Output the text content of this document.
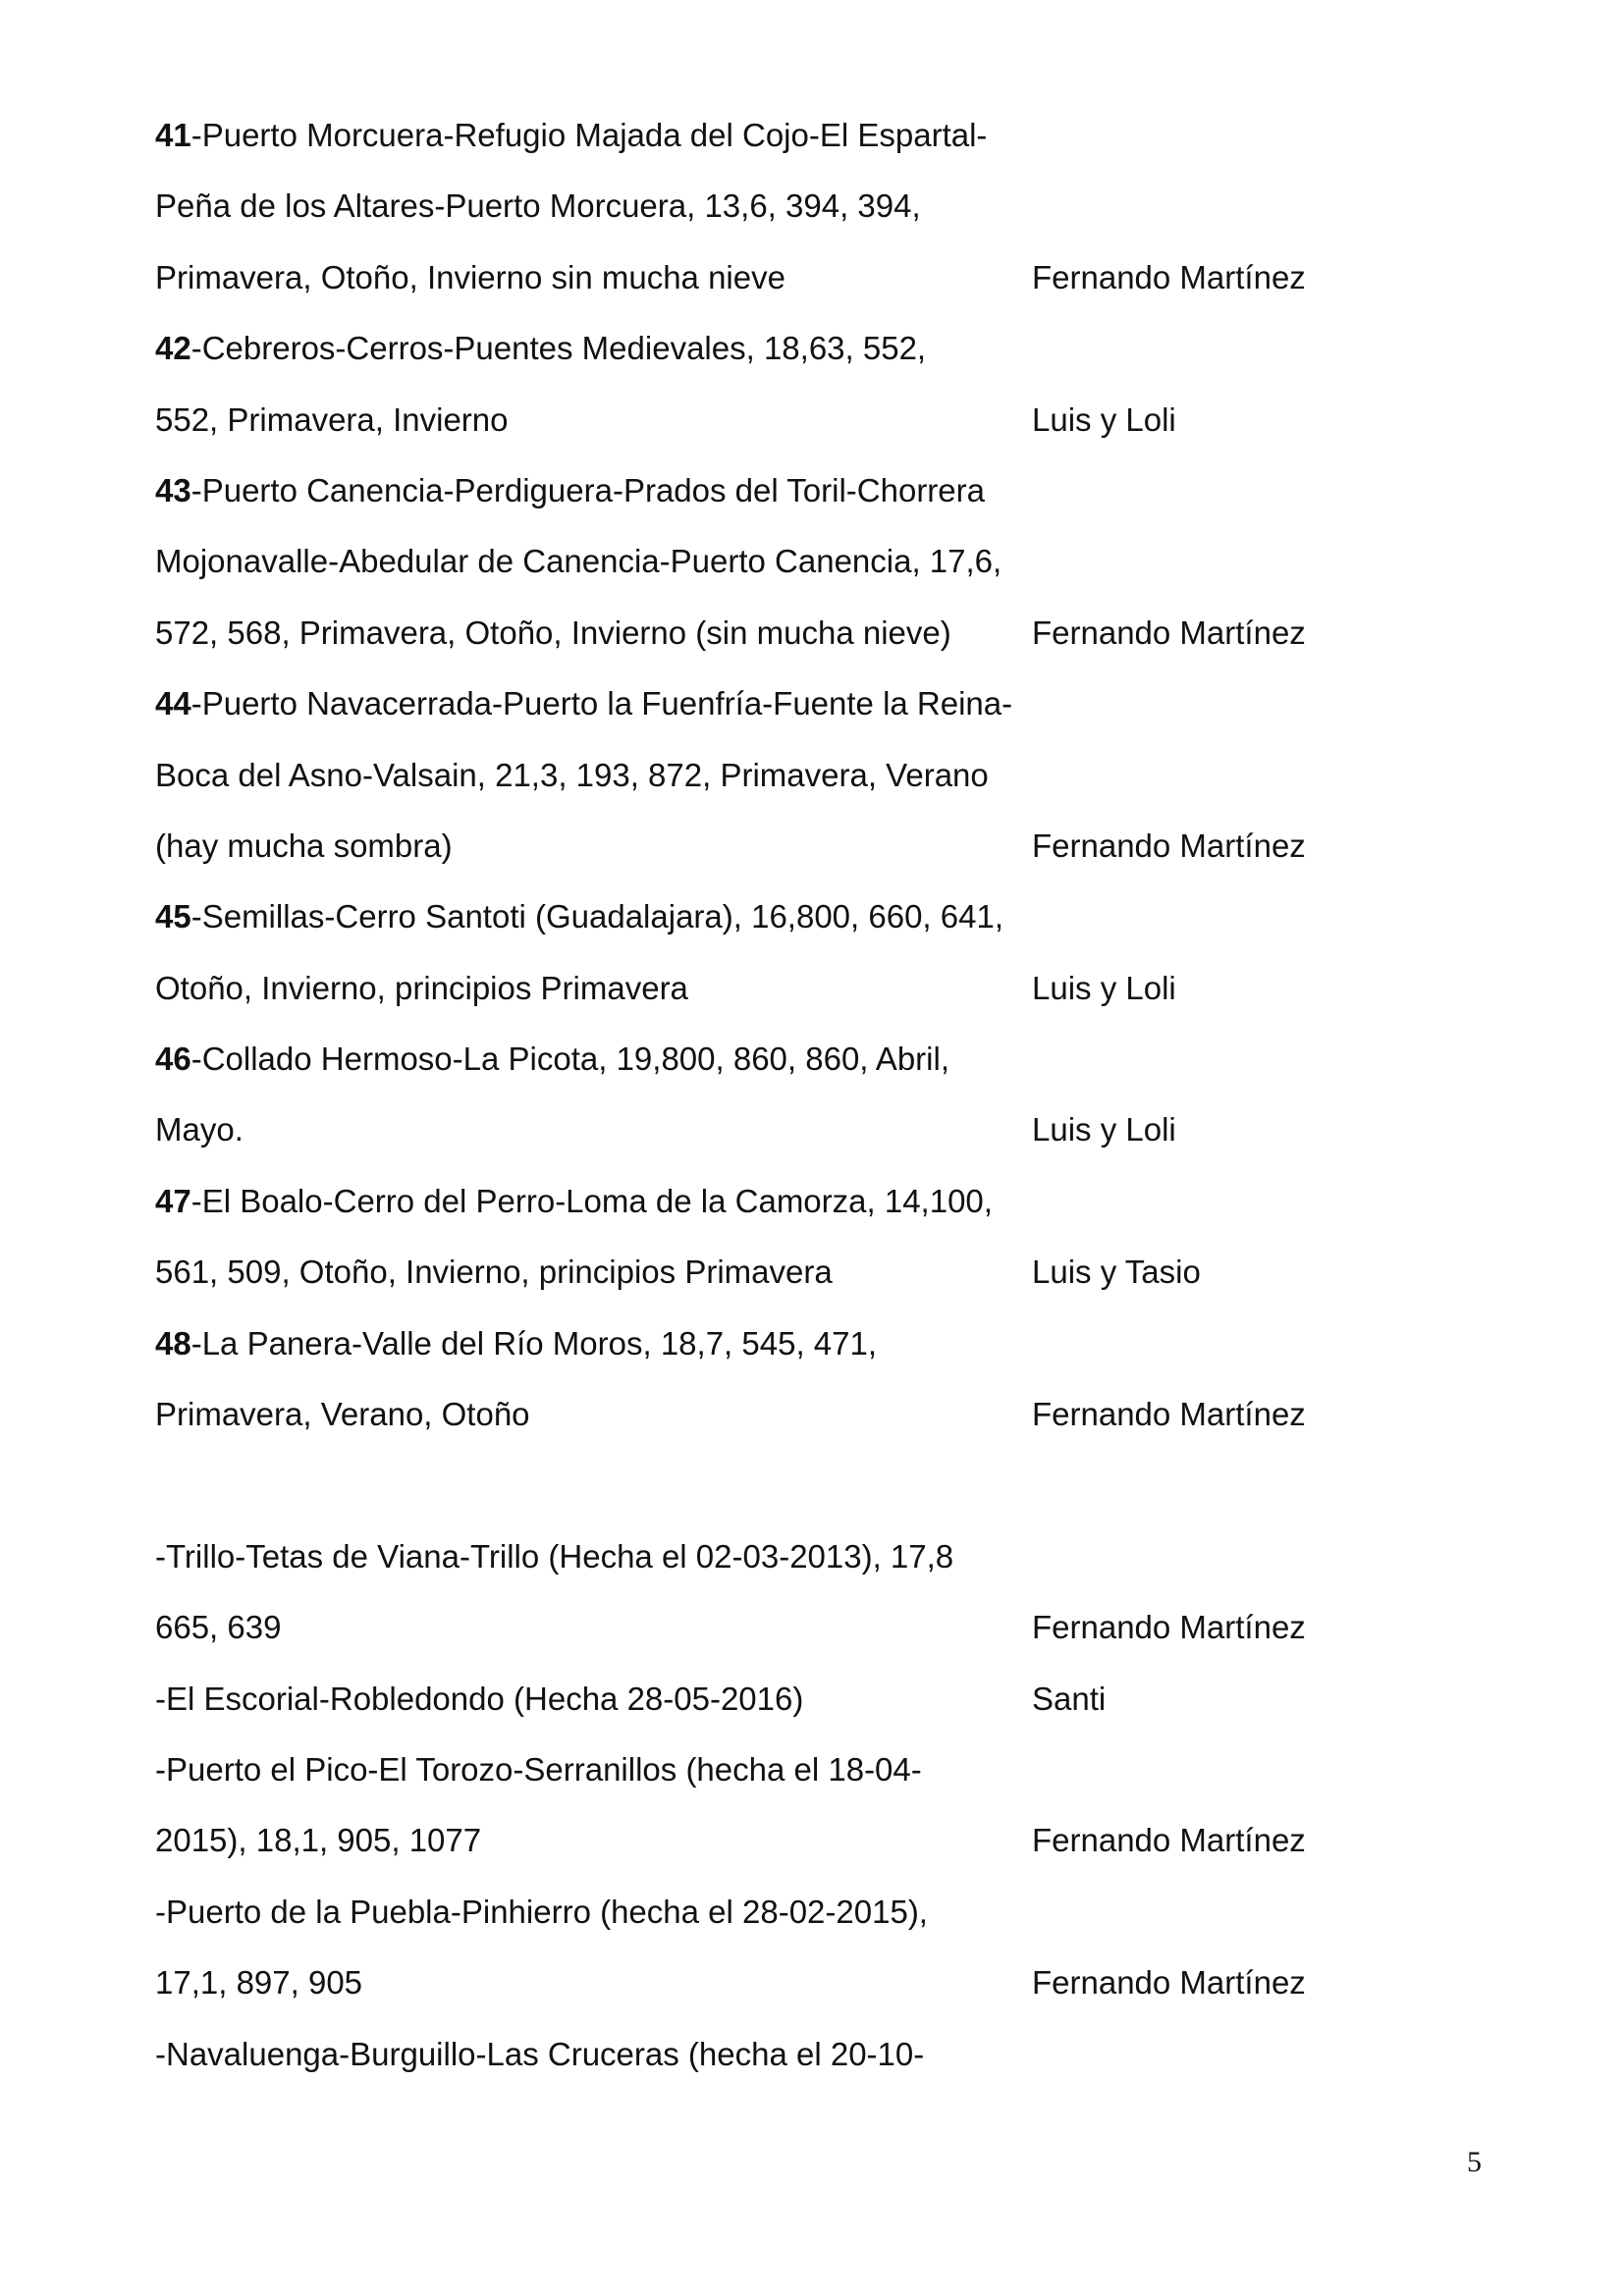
41-Puerto Morcuera-Refugio Majada del Cojo-El Espartal-
Peña de los Altares-Puerto Morcuera, 13,6, 394, 394,
Primavera, Otoño, Invierno sin mucha nieve	Fernando Martínez
42-Cebreros-Cerros-Puentes Medievales, 18,63, 552,
552, Primavera, Invierno	Luis y Loli
43-Puerto Canencia-Perdiguera-Prados del Toril-Chorrera
Mojonavalle-Abedular de Canencia-Puerto Canencia, 17,6,
572, 568, Primavera, Otoño, Invierno (sin mucha nieve) Fernando Martínez
44-Puerto Navacerrada-Puerto la Fuenfría-Fuente la Reina-
Boca del Asno-Valsain, 21,3, 193, 872, Primavera, Verano
(hay mucha sombra)	Fernando Martínez
45-Semillas-Cerro Santoti (Guadalajara), 16,800, 660, 641,
Otoño, Invierno, principios Primavera	Luis y Loli
46-Collado Hermoso-La Picota, 19,800, 860, 860, Abril,
Mayo.	Luis y Loli
47-El Boalo-Cerro del Perro-Loma de la Camorza, 14,100,
561, 509, Otoño, Invierno, principios Primavera	Luis y Tasio
48-La Panera-Valle del Río Moros, 18,7, 545, 471,
Primavera, Verano, Otoño	Fernando Martínez
-Trillo-Tetas de Viana-Trillo (Hecha el 02-03-2013), 17,8
665, 639	Fernando Martínez
-El Escorial-Robledondo (Hecha 28-05-2016)	Santi
-Puerto el Pico-El Torozo-Serranillos (hecha el 18-04-
2015), 18,1, 905, 1077	Fernando Martínez
-Puerto de la Puebla-Pinhierro (hecha el 28-02-2015),
17,1, 897, 905	Fernando Martínez
-Navaluenga-Burguillo-Las Cruceras (hecha el 20-10-
5
